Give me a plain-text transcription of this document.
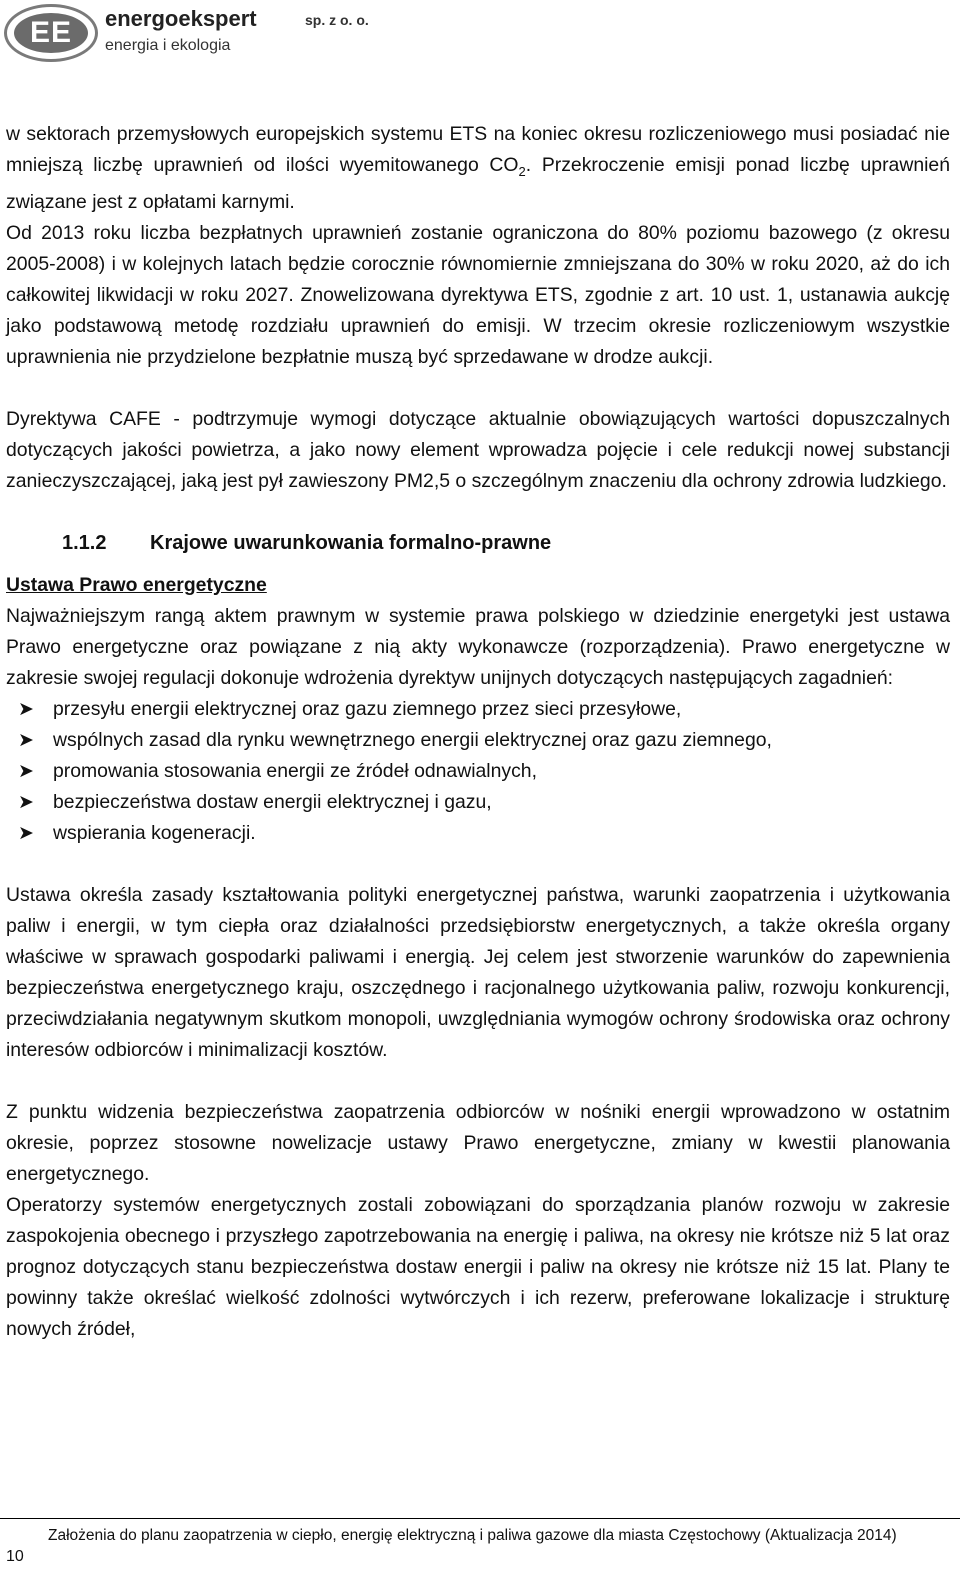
EE	energoekspert	sp. z o. o.
energia i ekologia

w sektorach przemysłowych europejskich systemu ETS na koniec okresu rozliczeniowego musi posiadać nie mniejszą liczbę uprawnień od ilości wyemitowanego $CO_2$. Przekroczenie emisji ponad liczbę uprawnień związane jest z opłatami karnymi.

Od 2013 roku liczba bezpłatnych uprawnień zostanie ograniczona do 80% poziomu bazowego (z okresu 2005-2008) i w kolejnych latach będzie corocznie równomiernie zmniejszana do 30% w roku 2020, aż do ich całkowitej likwidacji w roku 2027. Znowelizowana dyrektywa ETS, zgodnie z art. 10 ust. 1, ustanawia aukcję jako podstawową metodę rozdziału uprawnień do emisji. W trzecim okresie rozliczeniowym wszystkie uprawnienia nie przydzielone bezpłatnie muszą być sprzedawane w drodze aukcji.

Dyrektywa CAFE - podtrzymuje wymogi dotyczące aktualnie obowiązujących wartości dopuszczalnych dotyczących jakości powietrza, a jako nowy element wprowadza pojęcie i cele redukcji nowej substancji zanieczyszczającej, jaką jest pył zawieszony PM2,5 o szczególnym znaczeniu dla ochrony zdrowia ludzkiego.

1.1.2 Krajowe uwarunkowania formalno-prawne

Ustawa Prawo energetyczne

Najważniejszym rangą aktem prawnym w systemie prawa polskiego w dziedzinie energetyki jest ustawa Prawo energetyczne oraz powiązane z nią akty wykonawcze (rozporządzenia). Prawo energetyczne w zakresie swojej regulacji dokonuje wdrożenia dyrektyw unijnych dotyczących następujących zagadnień:

➤ przesyłu energii elektrycznej oraz gazu ziemnego przez sieci przesyłowe,
➤ wspólnych zasad dla rynku wewnętrznego energii elektrycznej oraz gazu ziemnego,
➤ promowania stosowania energii ze źródeł odnawialnych,
➤ bezpieczeństwa dostaw energii elektrycznej i gazu,
➤ wspierania kogeneracji.

Ustawa określa zasady kształtowania polityki energetycznej państwa, warunki zaopatrzenia i użytkowania paliw i energii, w tym ciepła oraz działalności przedsiębiorstw energetycznych, a także określa organy właściwe w sprawach gospodarki paliwami i energią. Jej celem jest stworzenie warunków do zapewnienia bezpieczeństwa energetycznego kraju, oszczędnego i racjonalnego użytkowania paliw, rozwoju konkurencji, przeciwdziałania negatywnym skutkom monopoli, uwzględniania wymogów ochrony środowiska oraz ochrony interesów odbiorców i minimalizacji kosztów.

Z punktu widzenia bezpieczeństwa zaopatrzenia odbiorców w nośniki energii wprowadzono w ostatnim okresie, poprzez stosowne nowelizacje ustawy Prawo energetyczne, zmiany w kwestii planowania energetycznego.

Operatorzy systemów energetycznych zostali zobowiązani do sporządzania planów rozwoju w zakresie zaspokojenia obecnego i przyszłego zapotrzebowania na energię i paliwa, na okresy nie krótsze niż 5 lat oraz prognoz dotyczących stanu bezpieczeństwa dostaw energii i paliw na okresy nie krótsze niż 15 lat. Plany te powinny także określać wielkość zdolności wytwórczych i ich rezerw, preferowane lokalizacje i strukturę nowych źródeł,

Założenia do planu zaopatrzenia w ciepło, energię elektryczną i paliwa gazowe dla miasta Częstochowy (Aktualizacja 2014)
10
